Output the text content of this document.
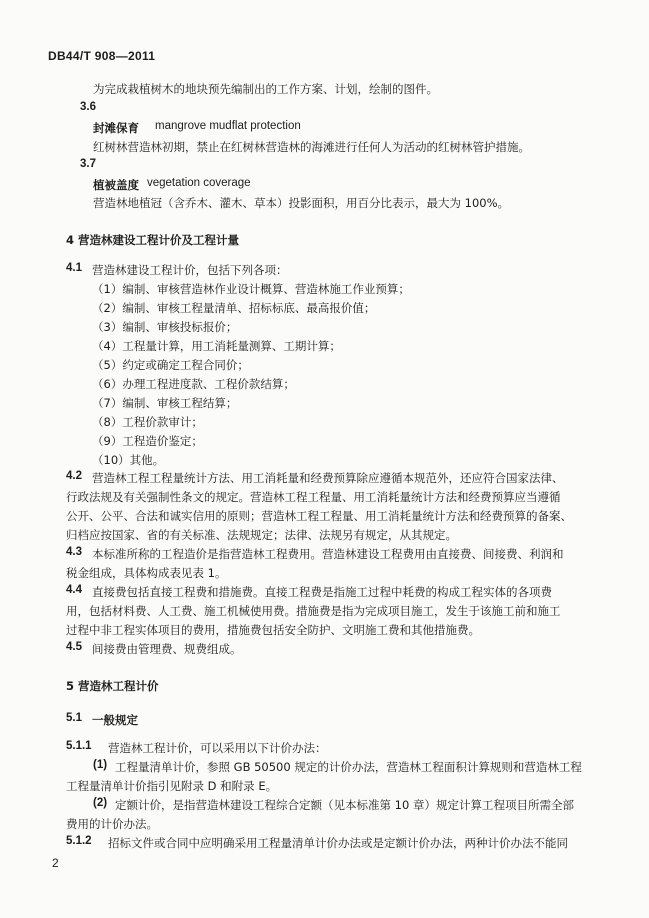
DB44/T 908—2011
为完成栽植树木的地块预先编制出的工作方案、计划，绘制的图件。
3.6
封滩保育 mangrove mudflat protection
红树林营造林初期，禁止在红树林营造林的海滩进行任何人为活动的红树林管护措施。
3.7
植被盖度 vegetation coverage
营造林地植冠（含乔木、灌木、草本）投影面积，用百分比表示，最大为 100%。
4 营造林建设工程计价及工程计量
4.1 营造林建设工程计价，包括下列各项：
（1）编制、审核营造林作业设计概算、营造林施工作业预算；
（2）编制、审核工程量清单、招标标底、最高报价值；
（3）编制、审核投标报价；
（4）工程量计算，用工消耗量测算、工期计算；
（5）约定或确定工程合同价；
（6）办理工程进度款、工程价款结算；
（7）编制、审核工程结算；
（8）工程价款审计；
（9）工程造价鉴定；
（10）其他。
4.2 营造林工程工程量统计方法、用工消耗量和经费预算除应遵循本规范外，还应符合国家法律、
行政法规及有关强制性条文的规定。营造林工程工程量、用工消耗量统计方法和经费预算应当遵循
公开、公平、合法和诚实信用的原则；营造林工程工程量、用工消耗量统计方法和经费预算的备案、
归档应按国家、省的有关标准、法规规定；法律、法规另有规定，从其规定。
4.3 本标准所称的工程造价是指营造林工程费用。营造林建设工程费用由直接费、间接费、利润和
税金组成，具体构成表见表 1。
4.4 直接费包括直接工程费和措施费。直接工程费是指施工过程中耗费的构成工程实体的各项费
用，包括材料费、人工费、施工机械使用费。措施费是指为完成项目施工，发生于该施工前和施工
过程中非工程实体项目的费用，措施费包括安全防护、文明施工费和其他措施费。
4.5 间接费由管理费、规费组成。
5 营造林工程计价
5.1 一般规定
5.1.1 营造林工程计价，可以采用以下计价办法：
(1) 工程量清单计价，参照 GB 50500 规定的计价办法，营造林工程面积计算规则和营造林工程
工程量清单计价指引见附录 D 和附录 E。
(2) 定额计价，是指营造林建设工程综合定额（见本标准第 10 章）规定计算工程项目所需全部
费用的计价办法。
5.1.2 招标文件或合同中应明确采用工程量清单计价办法或是定额计价办法，两种计价办法不能同
2
